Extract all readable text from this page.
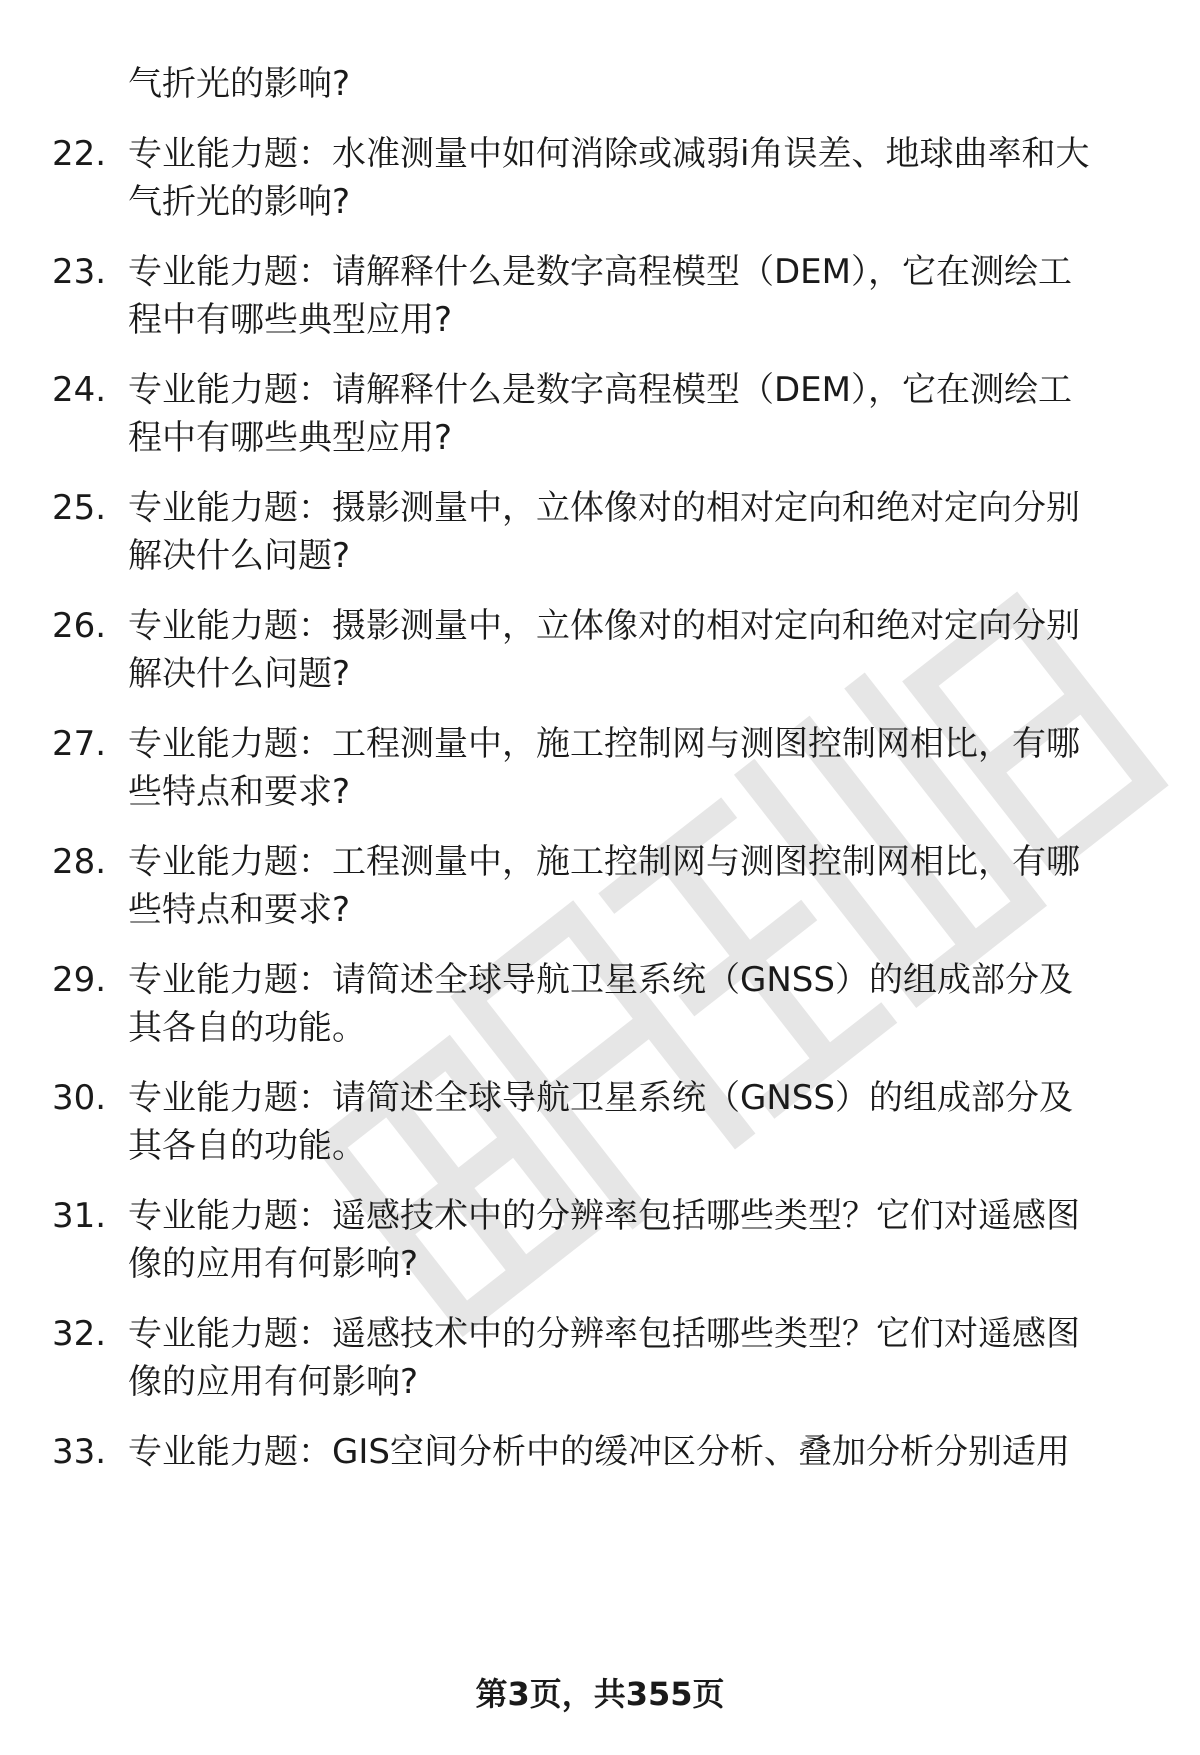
气折光的影响?
22. 专业能力题：水准测量中如何消除或减弱i角误差、地球曲率和大
气折光的影响?
23. 专业能力题：请解释什么是数字高程模型（DEM），它在测绘工
程中有哪些典型应用?
24. 专业能力题：请解释什么是数字高程模型（DEM），它在测绘工
程中有哪些典型应用?
25. 专业能力题：摄影测量中，立体像对的相对定向和绝对定向分别
解决什么问题?
26. 专业能力题：摄影测量中，立体像对的相对定向和绝对定向分别
解决什么问题?
27. 专业能力题：工程测量中，施工控制网与测图控制网相比，有哪
些特点和要求?
28. 专业能力题：工程测量中，施工控制网与测图控制网相比，有哪
些特点和要求?
29. 专业能力题：请简述全球导航卫星系统（GNSS）的组成部分及
其各自的功能。
30. 专业能力题：请简述全球导航卫星系统（GNSS）的组成部分及
其各自的功能。
31. 专业能力题：遥感技术中的分辨率包括哪些类型？它们对遥感图
像的应用有何影响?
32. 专业能力题：遥感技术中的分辨率包括哪些类型？它们对遥感图
像的应用有何影响?
33. 专业能力题：GIS空间分析中的缓冲区分析、叠加分析分别适用
第3页，共355页
